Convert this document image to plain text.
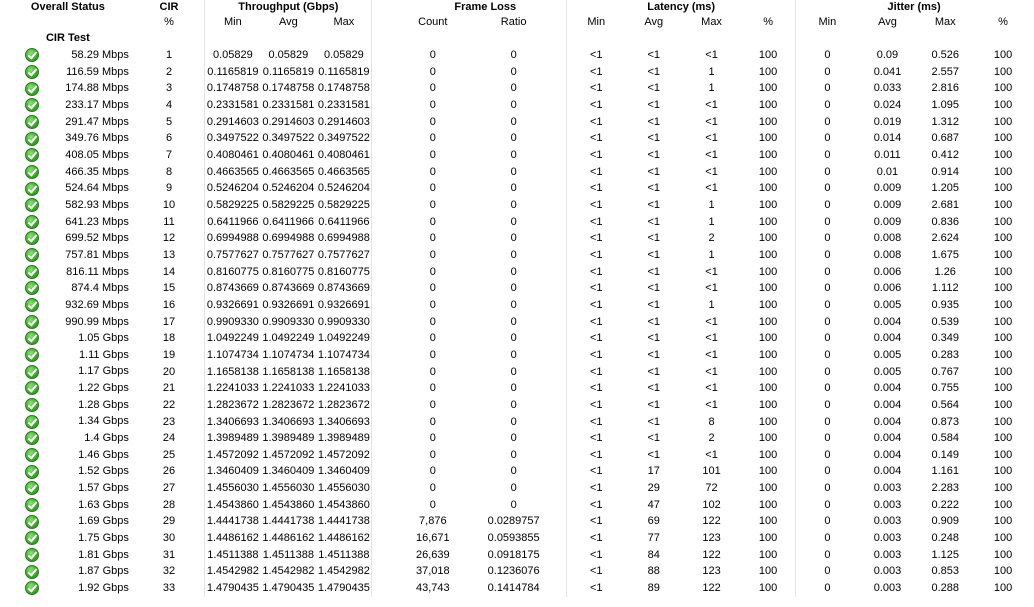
Overall Status	CIR	Throughput (Gbps)				Frame Loss		Latency (ms)				Jitter (ms)			
	%	Min	Avg	Max		Count	Ratio	Min	Avg	Max	%	Min	Avg	Max	%
CIR Test															
58.29 Mbps	1	0.05829	0.05829	0.05829		0	0	<1	<1	<1	100	0	0.09	0.526	100
116.59 Mbps	2	0.1165819	0.1165819	0.1165819		0	0	<1	<1	1	100	0	0.041	2.557	100
174.88 Mbps	3	0.1748758	0.1748758	0.1748758		0	0	<1	<1	1	100	0	0.033	2.816	100
233.17 Mbps	4	0.2331581	0.2331581	0.2331581		0	0	<1	<1	<1	100	0	0.024	1.095	100
291.47 Mbps	5	0.2914603	0.2914603	0.2914603		0	0	<1	<1	<1	100	0	0.019	1.312	100
349.76 Mbps	6	0.3497522	0.3497522	0.3497522		0	0	<1	<1	<1	100	0	0.014	0.687	100
408.05 Mbps	7	0.4080461	0.4080461	0.4080461		0	0	<1	<1	<1	100	0	0.011	0.412	100
466.35 Mbps	8	0.4663565	0.4663565	0.4663565		0	0	<1	<1	<1	100	0	0.01	0.914	100
524.64 Mbps	9	0.5246204	0.5246204	0.5246204		0	0	<1	<1	<1	100	0	0.009	1.205	100
582.93 Mbps	10	0.5829225	0.5829225	0.5829225		0	0	<1	<1	1	100	0	0.009	2.681	100
641.23 Mbps	11	0.6411966	0.6411966	0.6411966		0	0	<1	<1	1	100	0	0.009	0.836	100
699.52 Mbps	12	0.6994988	0.6994988	0.6994988		0	0	<1	<1	2	100	0	0.008	2.624	100
757.81 Mbps	13	0.7577627	0.7577627	0.7577627		0	0	<1	<1	1	100	0	0.008	1.675	100
816.11 Mbps	14	0.8160775	0.8160775	0.8160775		0	0	<1	<1	<1	100	0	0.006	1.26	100
874.4 Mbps	15	0.8743669	0.8743669	0.8743669		0	0	<1	<1	<1	100	0	0.006	1.112	100
932.69 Mbps	16	0.9326691	0.9326691	0.9326691		0	0	<1	<1	1	100	0	0.005	0.935	100
990.99 Mbps	17	0.9909330	0.9909330	0.9909330		0	0	<1	<1	<1	100	0	0.004	0.539	100
1.05 Gbps	18	1.0492249	1.0492249	1.0492249		0	0	<1	<1	<1	100	0	0.004	0.349	100
1.11 Gbps	19	1.1074734	1.1074734	1.1074734		0	0	<1	<1	<1	100	0	0.005	0.283	100
1.17 Gbps	20	1.1658138	1.1658138	1.1658138		0	0	<1	<1	<1	100	0	0.005	0.767	100
1.22 Gbps	21	1.2241033	1.2241033	1.2241033		0	0	<1	<1	<1	100	0	0.004	0.755	100
1.28 Gbps	22	1.2823672	1.2823672	1.2823672		0	0	<1	<1	<1	100	0	0.004	0.564	100
1.34 Gbps	23	1.3406693	1.3406693	1.3406693		0	0	<1	<1	8	100	0	0.004	0.873	100
1.4 Gbps	24	1.3989489	1.3989489	1.3989489		0	0	<1	<1	2	100	0	0.004	0.584	100
1.46 Gbps	25	1.4572092	1.4572092	1.4572092		0	0	<1	<1	<1	100	0	0.004	0.149	100
1.52 Gbps	26	1.3460409	1.3460409	1.3460409		0	0	<1	17	101	100	0	0.004	1.161	100
1.57 Gbps	27	1.4556030	1.4556030	1.4556030		0	0	<1	29	72	100	0	0.003	2.283	100
1.63 Gbps	28	1.4543860	1.4543860	1.4543860		0	0	<1	47	102	100	0	0.003	0.222	100
1.69 Gbps	29	1.4441738	1.4441738	1.4441738		7,876	0.0289757	<1	69	122	100	0	0.003	0.909	100
1.75 Gbps	30	1.4486162	1.4486162	1.4486162		16,671	0.0593855	<1	77	123	100	0	0.003	0.248	100
1.81 Gbps	31	1.4511388	1.4511388	1.4511388		26,639	0.0918175	<1	84	122	100	0	0.003	1.125	100
1.87 Gbps	32	1.4542982	1.4542982	1.4542982		37,018	0.1236076	<1	88	123	100	0	0.003	0.853	100
1.92 Gbps	33	1.4790435	1.4790435	1.4790435		43,743	0.1414784	<1	89	122	100	0	0.003	0.288	100
